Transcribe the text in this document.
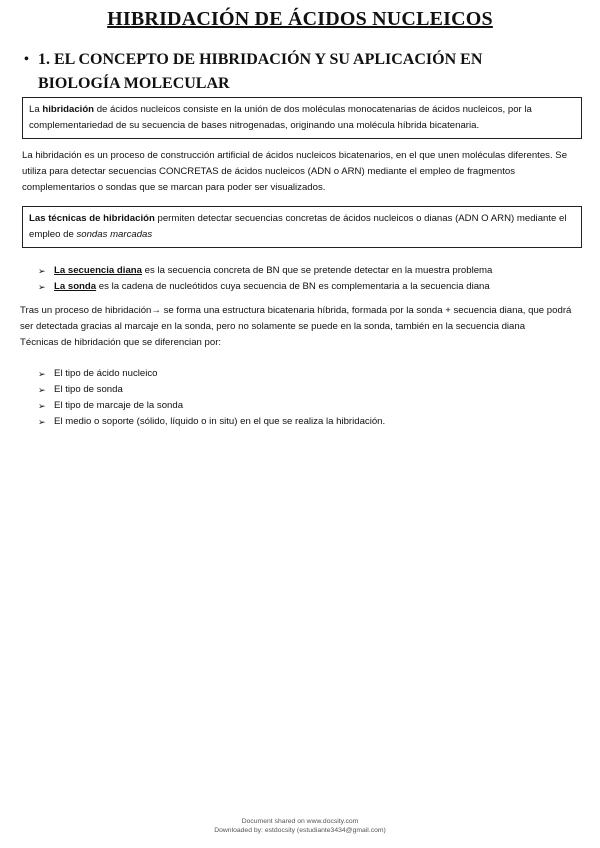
HIBRIDACIÓN DE ÁCIDOS NUCLEICOS
• 1. EL CONCEPTO DE HIBRIDACIÓN Y SU APLICACIÓN EN BIOLOGÍA MOLECULAR
La hibridación de ácidos nucleicos consiste en la unión de dos moléculas monocatenarias de ácidos nucleicos, por la complementariedad de su secuencia de bases nitrogenadas, originando una molécula híbrida bicatenaria.
La hibridación es un proceso de construcción artificial de ácidos nucleicos bicatenarios, en el que unen moléculas diferentes. Se utiliza para detectar secuencias CONCRETAS de ácidos nucleicos (ADN o ARN) mediante el empleo de fragmentos complementarios o sondas que se marcan para poder ser visualizados.
Las técnicas de hibridación permiten detectar secuencias concretas de ácidos nucleicos o dianas (ADN O ARN) mediante el empleo de sondas marcadas
➢ La secuencia diana es la secuencia concreta de BN que se pretende detectar en la muestra problema
➢ La sonda es la cadena de nucleótidos cuya secuencia de BN es complementaria a la secuencia diana
Tras un proceso de hibridación→ se forma una estructura bicatenaria híbrida, formada por la sonda + secuencia diana, que podrá ser detectada gracias al marcaje en la sonda, pero no solamente se puede en la sonda, también en la secuencia diana
Técnicas de hibridación que se diferencian por:
➢ El tipo de ácido nucleico
➢ El tipo de sonda
➢ El tipo de marcaje de la sonda
➢ El medio o soporte (sólido, líquido o in situ) en el que se realiza la hibridación.
Document shared on www.docsity.com
Downloaded by: estdocsity (estudiante3434@gmail.com)
